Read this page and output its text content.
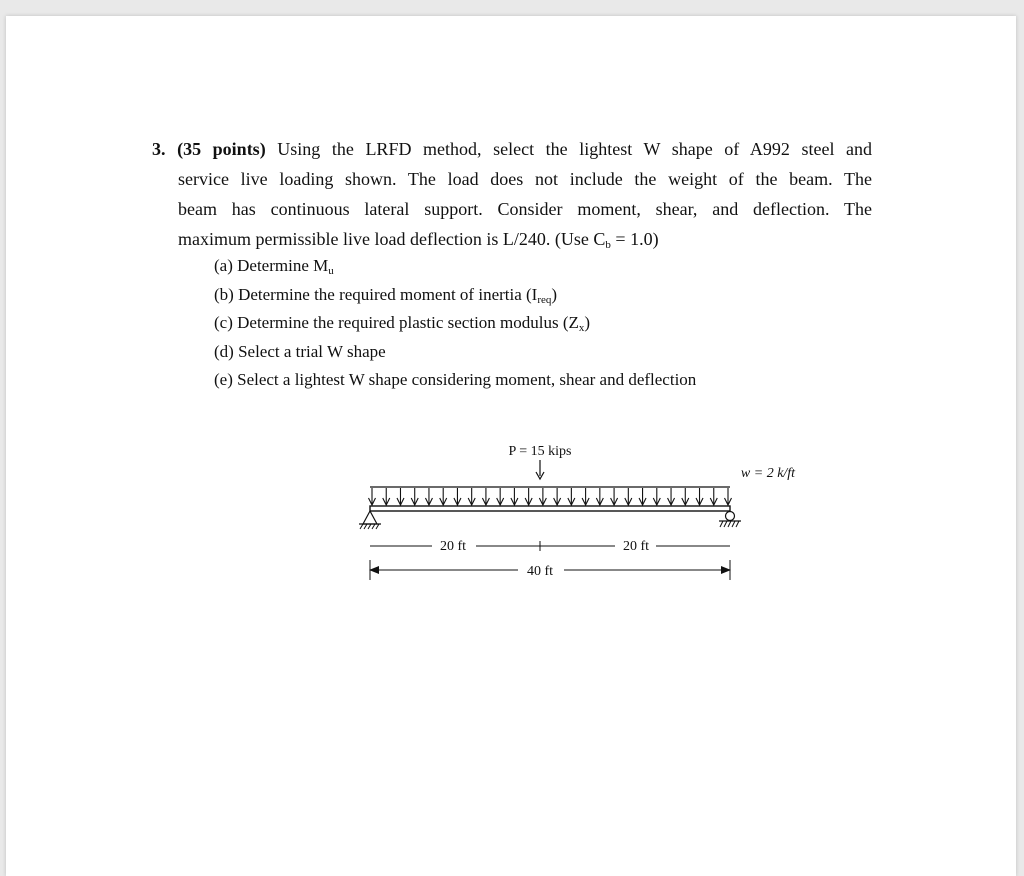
3. (35 points) Using the LRFD method, select the lightest W shape of A992 steel and
service live loading shown. The load does not include the weight of the beam. The
beam has continuous lateral support. Consider moment, shear, and deflection. The
maximum permissible live load deflection is L/240. (Use $C_b = 1.0$)
(a) Determine $M_u$
(b) Determine the required moment of inertia $(I_{req})$
(c) Determine the required plastic section modulus $(Z_x)$
(d) Select a trial W shape
(e) Select a lightest W shape considering moment, shear and deflection
P = 15 kips
w = 2 k/ft
20 ft	20 ft
40 ft
